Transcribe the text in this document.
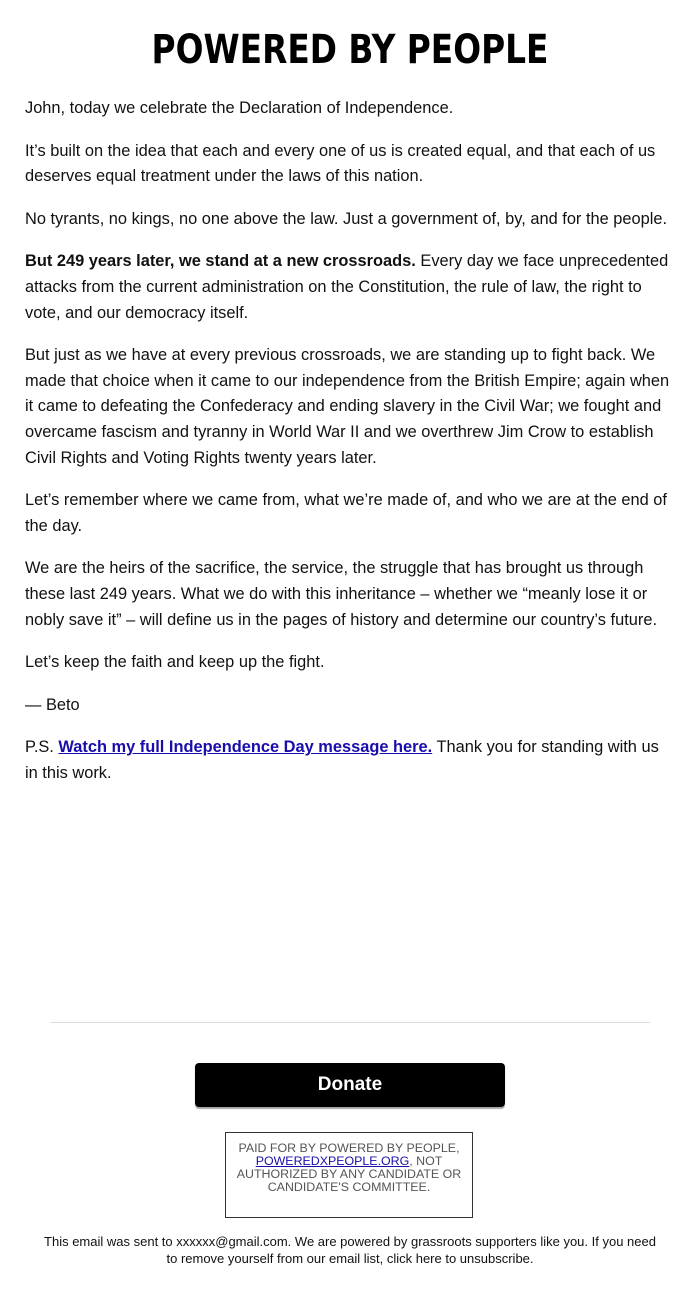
POWERED BY PEOPLE

John, today we celebrate the Declaration of Independence.

It’s built on the idea that each and every one of us is created equal, and that each of us deserves equal treatment under the laws of this nation.

No tyrants, no kings, no one above the law. Just a government of, by, and for the people.

But 249 years later, we stand at a new crossroads. Every day we face unprecedented attacks from the current administration on the Constitution, the rule of law, the right to vote, and our democracy itself.

But just as we have at every previous crossroads, we are standing up to fight back. We made that choice when it came to our independence from the British Empire; again when it came to defeating the Confederacy and ending slavery in the Civil War; we fought and overcame fascism and tyranny in World War II and we overthrew Jim Crow to establish Civil Rights and Voting Rights twenty years later.

Let’s remember where we came from, what we’re made of, and who we are at the end of the day.

We are the heirs of the sacrifice, the service, the struggle that has brought us through these last 249 years. What we do with this inheritance – whether we “meanly lose it or nobly save it” – will define us in the pages of history and determine our country’s future.

Let’s keep the faith and keep up the fight.

— Beto

P.S. Watch my full Independence Day message here. Thank you for standing with us in this work.

Donate
PAID FOR BY POWERED BY PEOPLE, POWEREDXPEOPLE.ORG, NOT AUTHORIZED BY ANY CANDIDATE OR CANDIDATE'S COMMITTEE.
This email was sent to xxxxxx@gmail.com. We are powered by grassroots supporters like you. If you need to remove yourself from our email list, click here to unsubscribe.
